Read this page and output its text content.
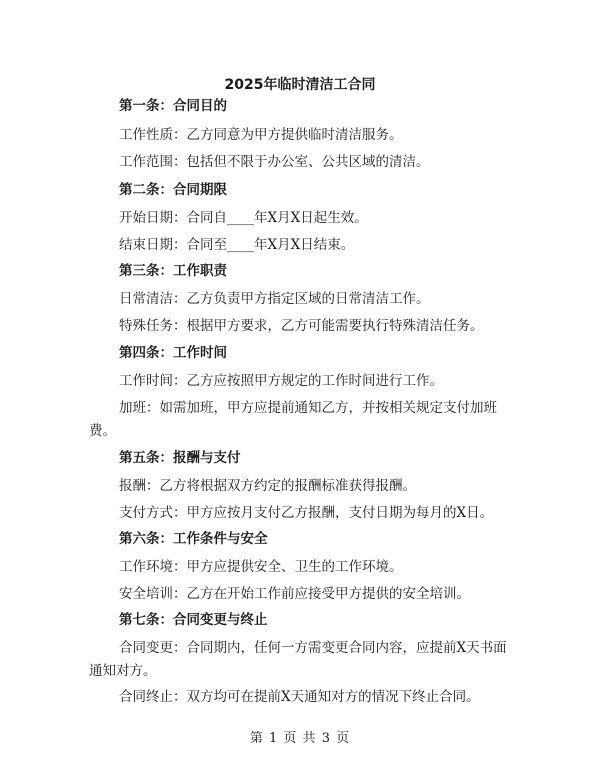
2025年临时清洁工合同
第一条：合同目的
工作性质：乙方同意为甲方提供临时清洁服务。
工作范围：包括但不限于办公室、公共区域的清洁。
第二条：合同期限
开始日期：合同自____年X月X日起生效。
结束日期：合同至____年X月X日结束。
第三条：工作职责
日常清洁：乙方负责甲方指定区域的日常清洁工作。
特殊任务：根据甲方要求，乙方可能需要执行特殊清洁任务。
第四条：工作时间
工作时间：乙方应按照甲方规定的工作时间进行工作。
加班：如需加班，甲方应提前通知乙方，并按相关规定支付加班
费。
第五条：报酬与支付
报酬：乙方将根据双方约定的报酬标准获得报酬。
支付方式：甲方应按月支付乙方报酬，支付日期为每月的X日。
第六条：工作条件与安全
工作环境：甲方应提供安全、卫生的工作环境。
安全培训：乙方在开始工作前应接受甲方提供的安全培训。
第七条：合同变更与终止
合同变更：合同期内，任何一方需变更合同内容，应提前X天书面
通知对方。
合同终止：双方均可在提前X天通知对方的情况下终止合同。
第 1 页 共 3 页
